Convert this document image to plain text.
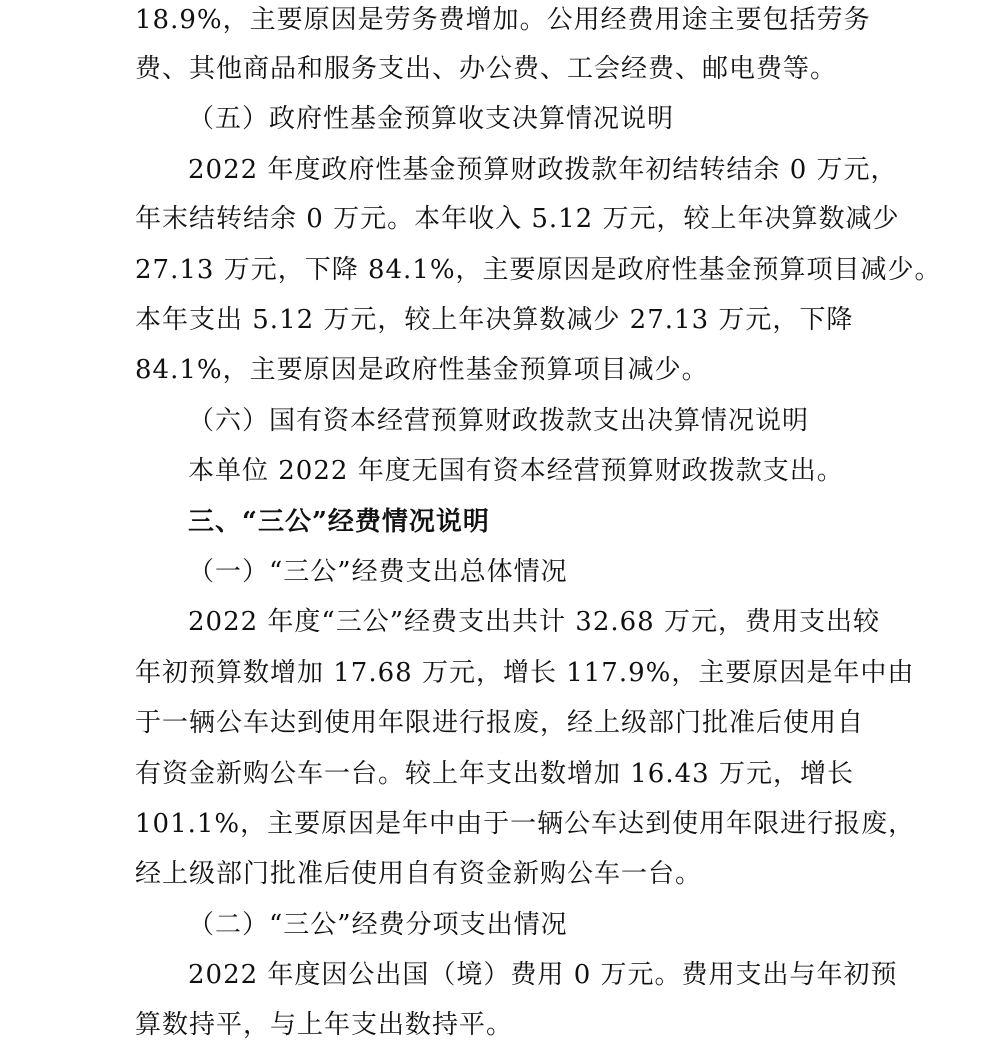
18.9%，主要原因是劳务费增加。公用经费用途主要包括劳务
费、其他商品和服务支出、办公费、工会经费、邮电费等。
（五）政府性基金预算收支决算情况说明
2022 年度政府性基金预算财政拨款年初结转结余 0 万元，
年末结转结余 0 万元。本年收入 5.12 万元，较上年决算数减少
27.13 万元，下降 84.1%，主要原因是政府性基金预算项目减少。
本年支出 5.12 万元，较上年决算数减少 27.13 万元，下降
84.1%，主要原因是政府性基金预算项目减少。
（六）国有资本经营预算财政拨款支出决算情况说明
本单位 2022 年度无国有资本经营预算财政拨款支出。
三、“三公”经费情况说明
（一）“三公”经费支出总体情况
2022 年度“三公”经费支出共计 32.68 万元，费用支出较
年初预算数增加 17.68 万元，增长 117.9%，主要原因是年中由
于一辆公车达到使用年限进行报废，经上级部门批准后使用自
有资金新购公车一台。较上年支出数增加 16.43 万元，增长
101.1%，主要原因是年中由于一辆公车达到使用年限进行报废，
经上级部门批准后使用自有资金新购公车一台。
（二）“三公”经费分项支出情况
2022 年度因公出国（境）费用 0 万元。费用支出与年初预
算数持平，与上年支出数持平。
